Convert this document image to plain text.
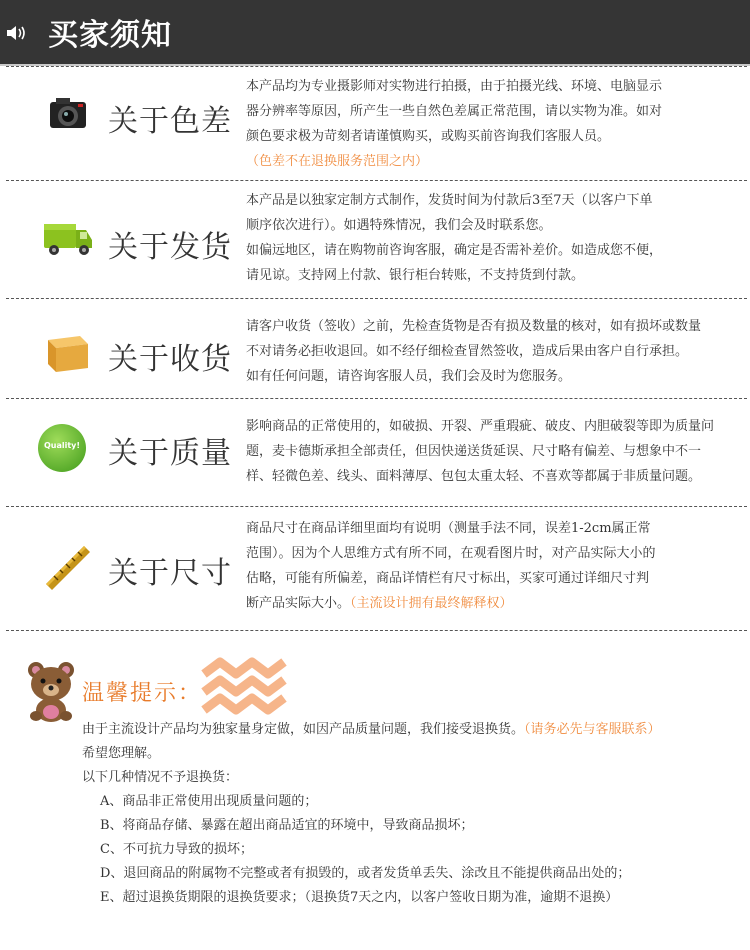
买家须知
关于色差

本产品均为专业摄影师对实物进行拍摄，由于拍摄光线、环境、电脑显示

器分辨率等原因，所产生一些自然色差属正常范围，请以实物为准。如对

颜色要求极为苛刻者请谨慎购买，或购买前咨询我们客服人员。

（色差不在退换服务范围之内）

关于发货

本产品是以独家定制方式制作，发货时间为付款后3至7天（以客户下单

顺序依次进行）。如遇特殊情况，我们会及时联系您。

如偏远地区，请在购物前咨询客服，确定是否需补差价。如造成您不便，

请见谅。支持网上付款、银行柜台转账，不支持货到付款。

关于收货

请客户收货（签收）之前，先检查货物是否有损及数量的核对，如有损坏或数量

不对请务必拒收退回。如不经仔细检查冒然签收，造成后果由客户自行承担。

如有任何问题，请咨询客服人员，我们会及时为您服务。

Quality! 关于质量

影响商品的正常使用的，如破损、开裂、严重瑕疵、破皮、内胆破裂等即为质量问

题，麦卡德斯承担全部责任，但因快递送货延误、尺寸略有偏差、与想象中不一

样、轻微色差、线头、面料薄厚、包包太重太轻、不喜欢等都属于非质量问题。

关于尺寸

商品尺寸在商品详细里面均有说明（测量手法不同，误差1-2cm属正常

范围）。因为个人思维方式有所不同，在观看图片时，对产品实际大小的

估略，可能有所偏差，商品详情栏有尺寸标出，买家可通过详细尺寸判

断产品实际大小。（主流设计拥有最终解释权）

温馨提示：

由于主流设计产品均为独家量身定做，如因产品质量问题，我们接受退换货。（请务必先与客服联系）

希望您理解。

以下几种情况不予退换货：

A、商品非正常使用出现质量问题的；

B、将商品存储、暴露在超出商品适宜的环境中，导致商品损坏；

C、不可抗力导致的损坏；

D、退回商品的附属物不完整或者有损毁的，或者发货单丢失、涂改且不能提供商品出处的；

E、超过退换货期限的退换货要求；（退换货7天之内，以客户签收日期为准，逾期不退换）
